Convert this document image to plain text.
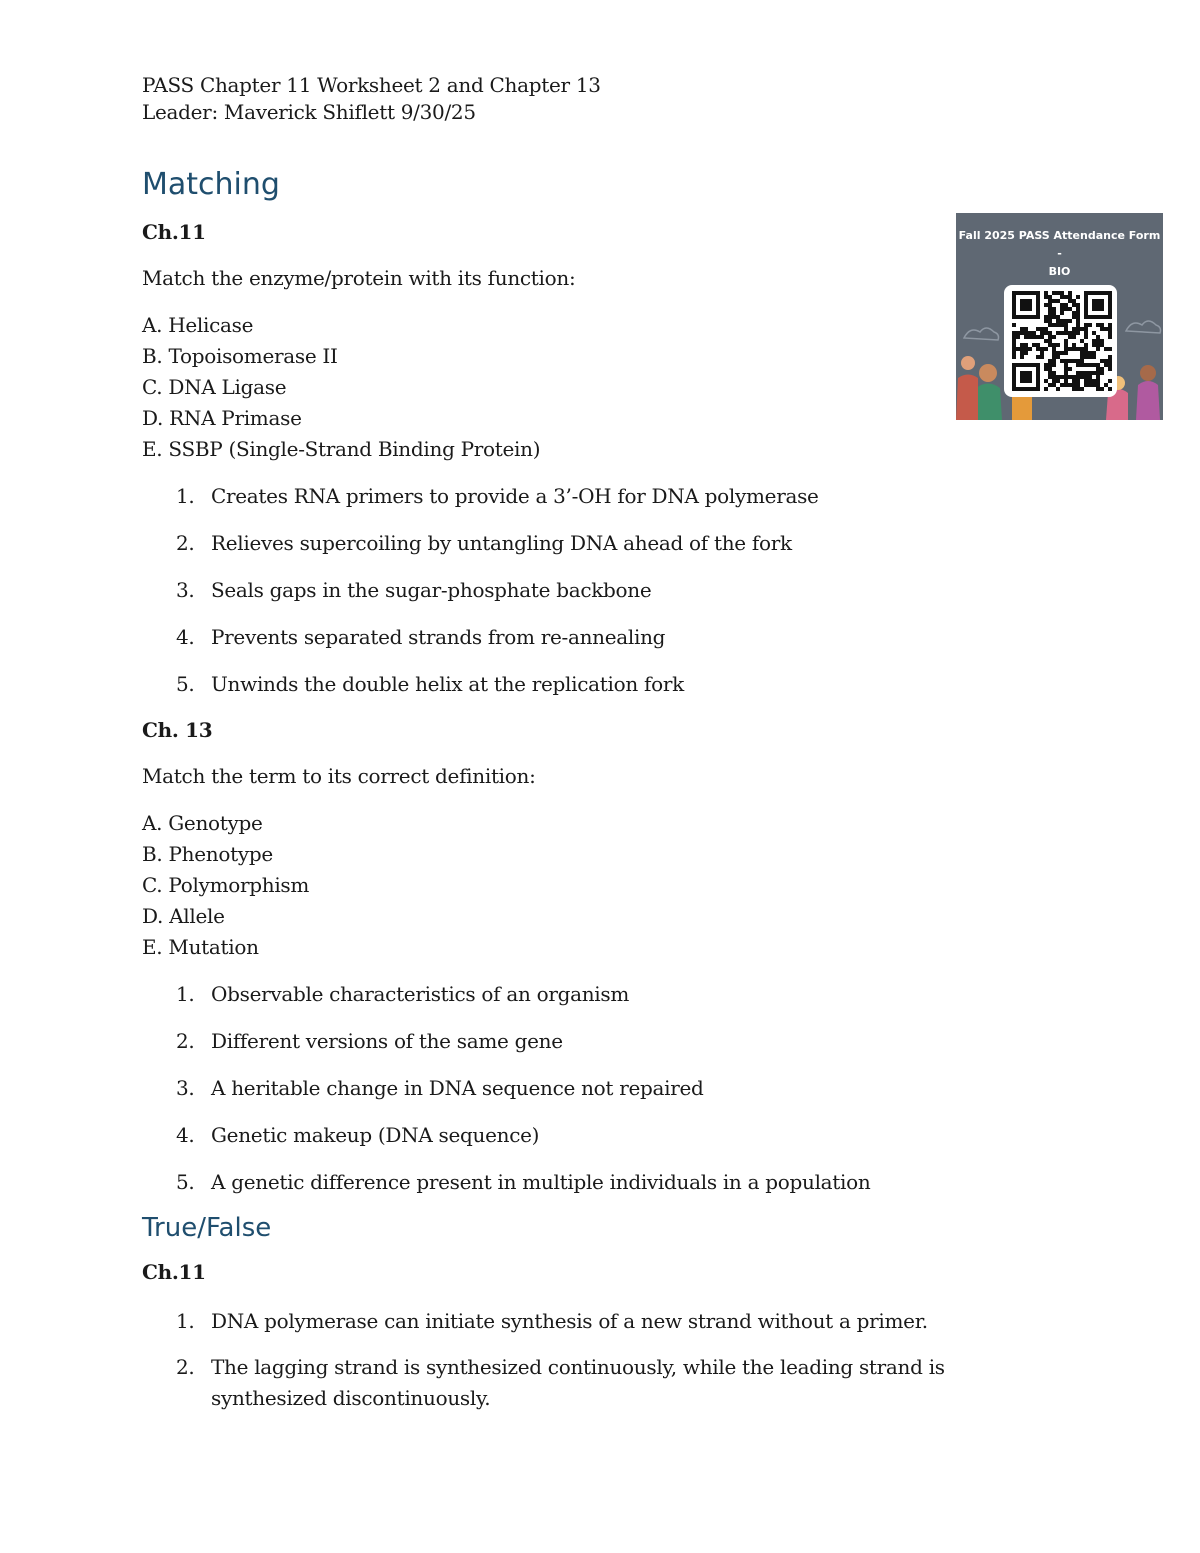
PASS Chapter 11 Worksheet 2 and Chapter 13
Leader: Maverick Shiflett 9/30/25
Matching
Ch.11
Match the enzyme/protein with its function:
A. Helicase
B. Topoisomerase II
C. DNA Ligase
D. RNA Primase
E. SSBP (Single-Strand Binding Protein)
1. Creates RNA primers to provide a 3’-OH for DNA polymerase
2. Relieves supercoiling by untangling DNA ahead of the fork
3. Seals gaps in the sugar-phosphate backbone
4. Prevents separated strands from re-annealing
5. Unwinds the double helix at the replication fork
Ch. 13
Match the term to its correct definition:
A. Genotype
B. Phenotype
C. Polymorphism
D. Allele
E. Mutation
1. Observable characteristics of an organism
2. Different versions of the same gene
3. A heritable change in DNA sequence not repaired
4. Genetic makeup (DNA sequence)
5. A genetic difference present in multiple individuals in a population
True/False
Ch.11
1. DNA polymerase can initiate synthesis of a new strand without a primer.
2. The lagging strand is synthesized continuously, while the leading strand is synthesized discontinuously.
Fall 2025 PASS Attendance Form -
BIO
